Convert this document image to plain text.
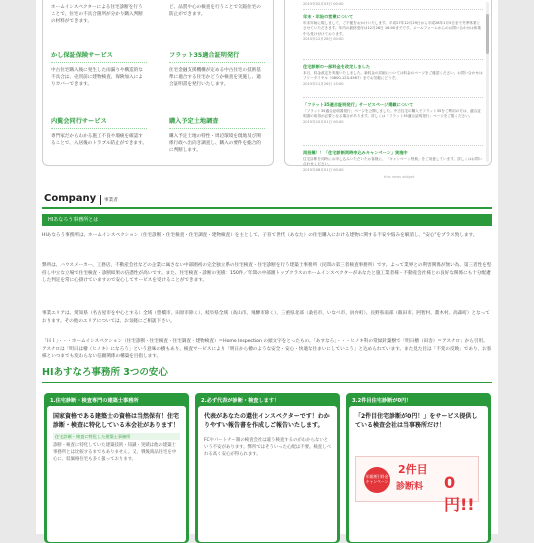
ホームインスペクターによる住宅診断を行うことで、住宅の不具合箇所が分かり購入判断の材料ができます。
ど、品質や心の検査を行うことで欠陥住宅の防止ができます。
かし保証保険サービス
中古住宅購入後に発生した雨漏りや構造的な不具合は、売買前に建物検査、保険加入によりカバーできます。
フラット35適合証明発行
住宅金融支援機構が定める中古住宅の技術基準に適合する住宅かどうか検査を実施し、適合証明書を発行いたします。
内覧会同行サービス
専門家だからわかる施工不良や瑕疵を確認することで、入居後のトラブル防止ができます。
購入予定土地調査
購入予定土地の特性・周辺環境を現地及び関係行政へ出向き調査し、購入の要件を総合的に判断します。
2015年02月03日 00:00
年末・年始の営業について
年末年始に際しまして、ご不便をおかけいたします。平成27年12月29日から平成28年1月5日まで冬季休業とさせていただきます。年内の最終受付は12月28日 16:00までです。メールフォームからのお問い合わせは休業中も受け付けております。
2015年12月28日 00:00
住宅診断の一部料金を改定しました
本日、料金改定を実施いたしました。新料金の詳細については料金のページをご確認ください。お問い合わせはフリーダイヤル（0800-123-4567）までお気軽にどうぞ。
2015年11月26日 15:00
「フラット35適合証明発行」サービスページ掲載について
「フラット35適合証明書発行」ページを公開しました。中古住宅の購入でフラット35をご利用の方は、適合証明書の取得が必要となる場合があります。詳しくは「フラット35適合証明発行」ページをご覧ください。
2015年10月01日 00:00
再投稿！！「住宅診断同時申込みキャンペーン」実施中
住宅診断を同時にお申し込みいただいたお客様に、「キャンペーン特典」をご用意しています。詳しくはお問い合わせください。
2015年08月01日 00:00
this news widget
Company 事業者
HIあなろう事務所とは
HIあなろう事務所は、ホームインスペクション（住宅診断・住宅検査・住宅調査・建物検査）を主として、子育て世代（あなた）の住宅購入における建物に関する不安や悩みを解消し、"安心"をプラス致します。
弊所は、ハウスメーカー、工務店、不動産会社などの企業に属さない中部圏初の完全独立系の住宅検査・住宅診断を行う建築士事務所（民間の第三者検査事務所）です。よって業界との利害関係が無い為、第三者性を堅持し中立な立場で住宅検査・診断結果の信憑性が高いです。また、住宅検査・診断の実績：150件／年間の中部圏トップクラスのホームインスペクターがあなたと施工業者様・不動産会社様との良好な関係にも十分配慮した判定を常に心掛けていますので安心してサービスを受けることができます。
事業エリアは、愛知県（名古屋市を中心とする）全域（豊橋市、田原市除く）、岐阜県全域（高山市、飛騨市除く）、三重県北部（桑名市、いなべ市、員弁町）、長野県南部（飯田市、阿智村、喬木村、高森町）となっております。その他のエリアについては、お気軽にご相談下さい。
「ＨＩ」・・・ホームインスペクション（住宅診断・住宅検査・住宅調査・建物検査）＝Home Inspection の頭文字をとったもの。「あすなろ」・・・ヒノキ科の常緑針葉樹で「明日檜（田舎）＝アスナロ」から引用。アスナロは「明日は檜（ヒノキ）になろう」という意味の樹もあり、検査サービスにより「明日から檜のような安全・安心・快適な住まいにしていこう」と込められています。また見た目は「不変の反映」であり、お客様といつまでも変わらない信頼関係の構築を目指します。
HIあすなろ事務所 3つの安心
1.住宅診断・検査専門の建築士事務所
国家資格である建築士の資格は当然保有！住宅診断・検査に特化している本会社があります！
住宅診断・検査に特化した建築士事務所
診断・検査に特化していた建築技術・知識・実績は他の建築士事務所とは比較するまでもありません。又、戦後商品住宅を中心に、低価格住宅も多く扱っております。
2.必ず代表が診断・検査します！
代表があなたの還住インスペクターです！わかりやすい報告書を作成しご報告いたします。
FCやパートナー制の検査会社は違う検査するのがわからないという不安があります。弊所ではそういった心配は不要。検査しべれる高く安心が得られます。
3.2件目住宅診断が0円！
「2件目住宅診断が0円！」をサービス提供している検査会社は当事務所だけ！
年額割引料金キャンペーン
2件目
診断料 0円!!
